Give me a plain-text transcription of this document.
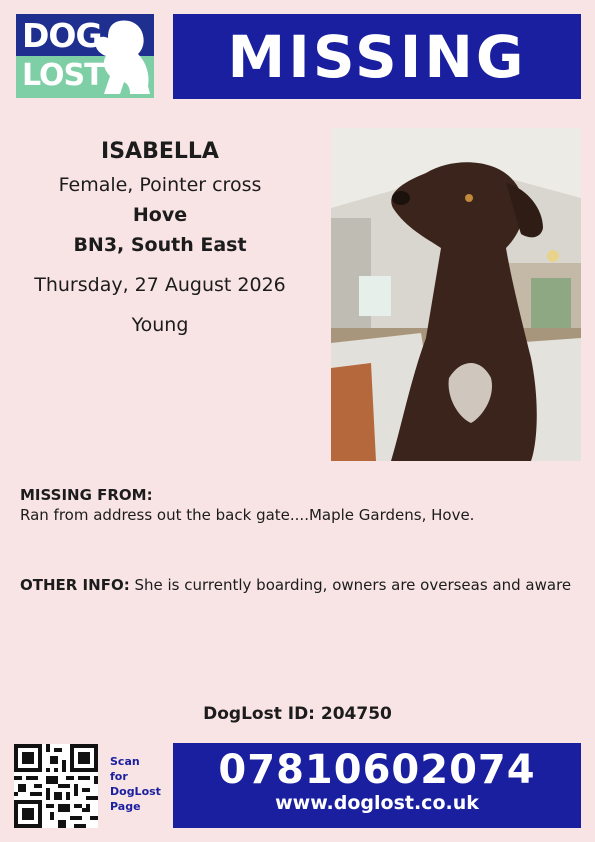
DOG
LOST MISSING
ISABELLA
Female, Pointer cross
Hove
BN3, South East
Thursday, 27 August 2026
Young
MISSING FROM:
Ran from address out the back gate....Maple Gardens, Hove.
OTHER INFO: She is currently boarding, owners are overseas and aware
DogLost ID: 204750
Scan
for
DogLost
Page
07810602074
www.doglost.co.uk
